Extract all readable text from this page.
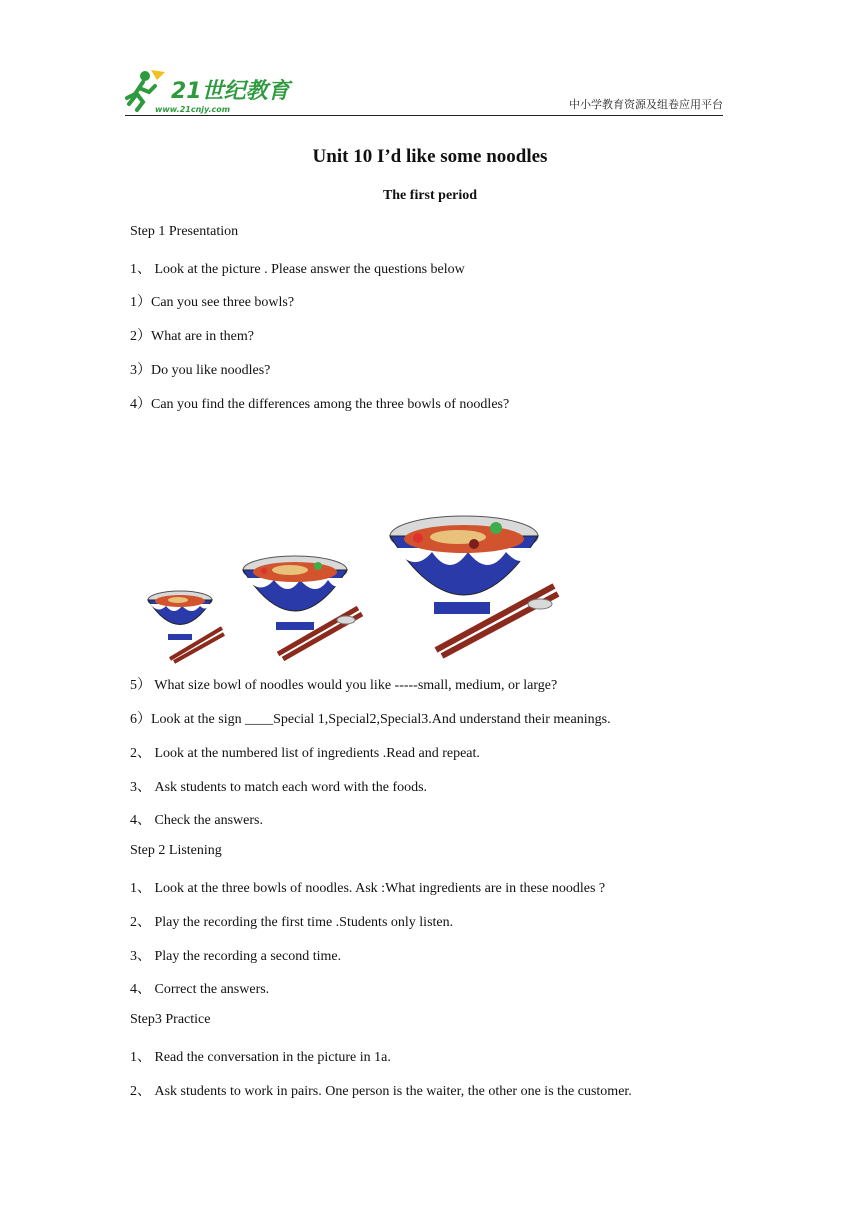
21世纪教育
www.21cnjy.com	中小学教育资源及组卷应用平台
Unit 10 I’d like some noodles
The first period
Step 1 Presentation
1、 Look at the picture . Please answer the questions below
1）Can you see three bowls?
2）What are in them?
3）Do you like noodles?
4）Can you find the differences among the three bowls of noodles?
5） What size bowl of noodles would you like -----small, medium, or large?
6）Look at the sign ____Special 1,Special2,Special3.And understand their meanings.
2、 Look at the numbered list of ingredients .Read and repeat.
3、 Ask students to match each word with the foods.
4、 Check the answers.
Step 2 Listening
1、 Look at the three bowls of noodles. Ask :What ingredients are in these noodles ?
2、 Play the recording the first time .Students only listen.
3、 Play the recording a second time.
4、 Correct the answers.
Step3 Practice
1、 Read the conversation in the picture in 1a.
2、 Ask students to work in pairs. One person is the waiter, the other one is the customer.
